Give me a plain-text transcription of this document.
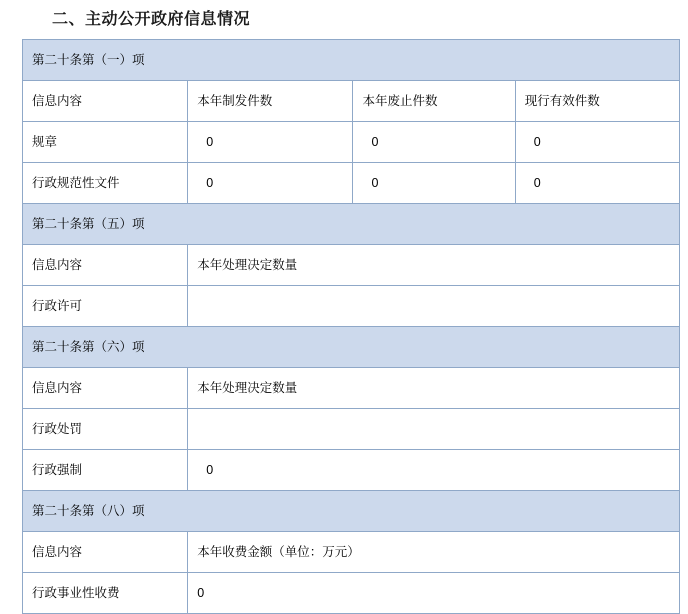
二、主动公开政府信息情况
第二十条第（一）项			
信息内容	本年制发件数	本年废止件数	现行有效件数
规章	0	0	0

行政规范性文件	0	0	0

第二十条第（五）项			
信息内容	本年处理决定数量		
行政许可			
第二十条第（六）项			
信息内容	本年处理决定数量		
行政处罚			
行政强制	0		

第二十条第（八）项			
信息内容	本年收费金额（单位：万元）		
行政事业性收费	0		
